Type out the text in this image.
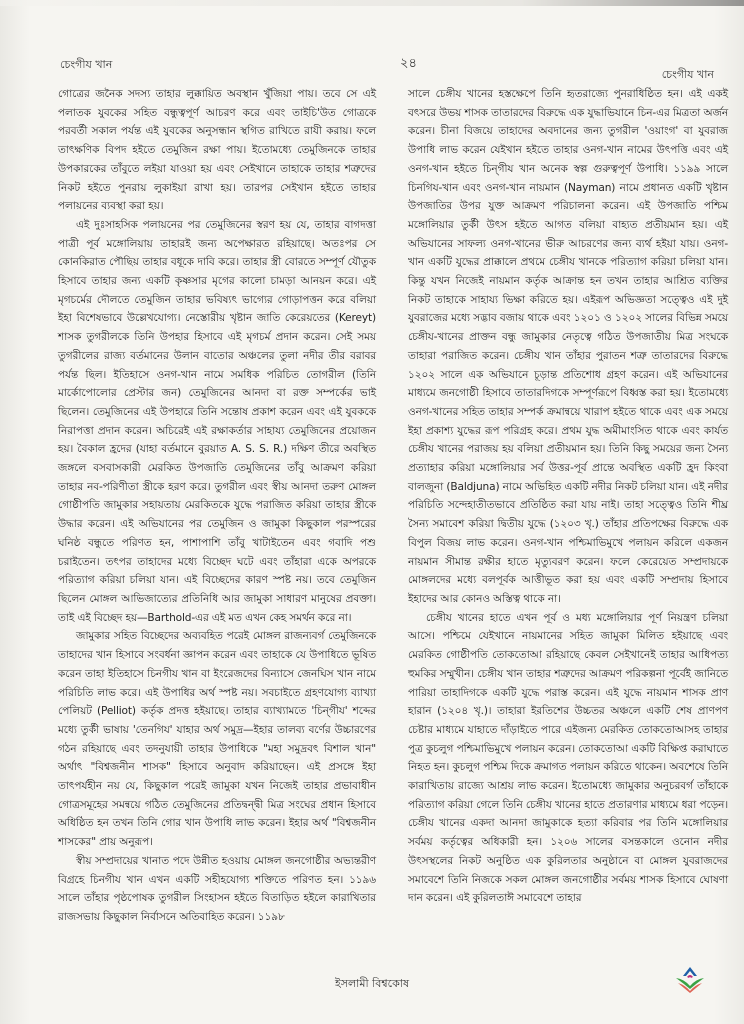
চেংগীয খান	২৪
চেংগীয খান

গোত্রের জনৈক সদস্য তাহার লুক্কায়িত অবস্থান খুঁজিয়া পায়। তবে সে এই পলাতক যুবকের সহিত বন্ধুত্বপূর্ণ আচরণ করে এবং তাইচি'উত গোত্রকে পরবর্তী সকাল পর্যন্ত এই যুবকের অনুসন্ধান স্থগিত রাখিতে রাযী করায়। ফলে তাৎক্ষণিক বিপদ হইতে তেমুজিন রক্ষা পায়। ইতোমধ্যে তেমুজিনকে তাহার উপকারকের তাঁবুতে লইয়া যাওয়া হয় এবং সেইখানে তাহাকে তাহার শত্রুদের নিকট হইতে পুনরায় লুকাইয়া রাখা হয়। তারপর সেইখান হইতে তাহার পলায়নের ব্যবস্থা করা হয়।

এই দুঃসাহসিক পলায়নের পর তেমুজিনের স্বরণ হয় যে, তাহার বাগদত্তা পাত্রী পূর্ব মঙ্গোলিয়ায় তাহারই জন্য অপেক্ষারত রহিয়াছে। অতঃপর সে কোনকিরাত পৌছিয় তাহার বধূকে দাবি করে। তাহার স্ত্রী বোরতে সম্পূর্ণ যৌতুক হিসাবে তাহার জন্য একটি কৃষ্ণসার মৃগের কালো চামড়া আনয়ন করে। এই মৃগচর্মের দৌলতে তেমুজিন তাহার ভবিষ্যৎ ভাগ্যের গোড়াপত্তন করে বলিয়া ইহা বিশেষভাবে উল্লেখযোগ্য। নেস্তোরীয় খৃষ্টান জাতি কেরেয়তের (Kereyt) শাসক তুগরীলকে তিনি উপহার হিসাবে এই মৃগচর্ম প্রদান করেন। সেই সময় তুগরীলের রাজ্য বর্তমানের উলান বাতোর অঞ্চলের তুলা নদীর তীর বরাবর পর্যন্ত ছিল। ইতিহাসে ওনগ-খান নামে সমধিক পরিচিত তোগরীল (তিনি মার্কোপোলোর প্রেস্টার জন) তেমুজিনের আনদা বা রক্ত সম্পর্কের ভাই ছিলেন। তেমুজিনের এই উপহারে তিনি সন্তোষ প্রকাশ করেন এবং এই যুবককে নিরাপত্তা প্রদান করেন। অচিরেই এই রক্ষাকর্তার সাহায্য তেমুজিনের প্রয়োজন হয়। বৈকাল হ্রদের (যাহা বর্তমানে বুরয়াত A. S. S. R.) দক্ষিণ তীরে অবস্থিত জঙ্গলে বসবাসকারী মেরকিত উপজাতি তেমুজিনের তাঁবু আক্রমণ করিয়া তাহার নব-পরিণীতা স্ত্রীকে হরণ করে। তুগরীল এবং স্বীয় আনদা তরুণ মোঙ্গল গোষ্ঠীপতি জামুকার সহায়তায় মেরকিতকে যুদ্ধে পরাজিত করিয়া তাহার স্ত্রীকে উদ্ধার করেন। এই অভিযানের পর তেমুজিন ও জামুকা কিছুকাল পরস্পরের ঘনিষ্ঠ বন্ধুতে পরিণত হন, পাশাপাশি তাঁবু খাটাইতেন এবং গবাদি পশু চরাইতেন। তৎপর তাহাদের মধ্যে বিচ্ছেদ ঘটে এবং তাঁহারা একে অপরকে পরিত্যাগ করিয়া চলিয়া যান। এই বিচ্ছেদের কারণ স্পষ্ট নয়। তবে তেমুজিন ছিলেন মোঙ্গল আভিজাত্যের প্রতিনিধি আর জামুকা সাধারণ মানুষের প্রবক্তা। তাই এই বিচ্ছেদ হয়—Barthold-এর এই মত এখন কেহ সমর্থন করে না।

জামুকার সহিত বিচ্ছেদের অব্যবহিত পরেই মোঙ্গল রাজন্যবর্গ তেমুজিনকে তাহাদের খান হিসাবে সংবর্ধনা জ্ঞাপন করেন এবং তাহাকে যে উপাধিতে ভূষিত করেন তাহা ইতিহাসে চিনগীয খান বা ইংরেজদের বিন্যাসে জেনঘিস খান নামে পরিচিতি লাভ করে। এই উপাধির অর্থ স্পষ্ট নয়। সবচাইতে গ্রহণযোগ্য ব্যাখ্যা পেলিয়ট (Pelliot) কর্তৃক প্রদত্ত হইয়াছে। তাহার ব্যাখ্যামতে 'চিন্গীয' শব্দের মধ্যে তুর্কী ভাষায় 'তেনগিয' যাহার অর্থ সমুদ্র—ইহার তালব্য বর্ণের উচ্চারণের গঠন রহিয়াছে এবং তদনুযায়ী তাহার উপাধিকে "মহা সমুদ্রবৎ বিশাল খান" অর্থাৎ "বিশ্বজনীন শাসক" হিসাবে অনুবাদ করিয়াছেন। এই প্রসঙ্গে ইহা তাৎপর্যহীন নয় যে, কিছুকাল পরেই জামুকা যখন নিজেই তাহার প্রভাবাধীন গোত্রসমূহের সমন্বয়ে গঠিত তেমুজিনের প্রতিদ্বন্দ্বী মিত্র সংঘের প্রধান হিসাবে অধিষ্ঠিত হন তখন তিনি গোর খান উপাধি লাভ করেন। ইহার অর্থ "বিশ্বজনীন শাসকের" প্রায় অনুরূপ।

স্বীয় সম্প্রদায়ের খানাত পদে উন্নীত হওয়ায় মোঙ্গল জনগোষ্ঠীর অভ্যন্তরীণ বিগ্রহে চিনগীয খান এখন একটি সহীহযোগ্য শক্তিতে পরিণত হন। ১১৯৬ সালে তাঁহার পৃষ্ঠপোষক তুগরীল সিংহাসন হইতে বিতাড়িত হইলে কারাখিতার রাজসভায় কিছুকাল নির্বাসনে অতিবাহিত করেন। ১১৯৮

সালে চেঙ্গীয খানের হস্তক্ষেপে তিনি হৃতরাজ্যে পুনরাধিষ্ঠিত হন। এই একই বৎসরে উভয় শাসক তাতারদের বিরুদ্ধে এক যুদ্ধাভিযানে চিন-এর মিত্রতা অর্জন করেন। চীনা বিজয়ে তাহাদের অবদানের জন্য তুগরীল 'ওয়াংগ' বা যুবরাজ উপাধি লাভ করেন যেইখান হইতে তাহার ওনগ-খান নামের উৎপত্তি এবং এই ওনগ-খান হইতে চিন্গীয খান অনেক স্বল্প গুরুত্বপূর্ণ উপাধি। ১১৯৯ সালে চিনগিয-খান এবং ওনগ-খান নায়মান (Nayman) নামে প্রধানত একটি খৃষ্টান উপজাতির উপর যুক্ত আক্রমণ পরিচালনা করেন। এই উপজাতি পশ্চিম মঙ্গোলিয়ার তুর্কী উৎস হইতে আগত বলিয়া বাহ্যত প্রতীয়মান হয়। এই অভিযানের সাফল্য ওনগ-খানের ভীরু আচরণের জন্য ব্যর্থ হইয়া যায়। ওনগ-খান একটি যুদ্ধের প্রাক্কালে প্রথমে চেঙ্গীয খানকে পরিত্যাগ করিয়া চলিয়া যান। কিন্তু যখন নিজেই নায়মান কর্তৃক আক্রান্ত হন তখন তাহার আশ্রিত ব্যক্তির নিকট তাহাকে সাহায্য ভিক্ষা করিতে হয়। এইরূপ অভিজ্ঞতা সত্ত্বেও এই দুই যুবরাজের মধ্যে সদ্ভাব বজায় থাকে এবং ১২০১ ও ১২০২ সালের বিভিন্ন সময়ে চেঙ্গীয-খানের প্রাক্তন বন্ধু জামুকার নেতৃত্বে গঠিত উপজাতীয় মিত্র সংঘকে তাহারা পরাজিত করেন। চেঙ্গীয খান তাঁহার পুরাতন শত্রু তাতারদের বিরুদ্ধে ১২০২ সালে এক অভিযানে চূড়ান্ত প্রতিশোধ গ্রহণ করেন। এই অভিযানের মাধ্যমে জনগোষ্ঠী হিসাবে তাতারদিগকে সম্পূর্ণরূপে বিধ্বস্ত করা হয়। ইতোমধ্যে ওনগ-খানের সহিত তাহার সম্পর্ক ক্রমান্বয়ে খারাপ হইতে থাকে এবং এক সময়ে ইহা প্রকাশ্য যুদ্ধের রূপ পরিগ্রহ করে। প্রথম যুদ্ধ অমীমাংসিত থাকে এবং কার্যত চেঙ্গীয খানের পরাজয় হয় বলিয়া প্রতীয়মান হয়। তিনি কিছু সময়ের জন্য সৈন্য প্রত্যাহার করিয়া মঙ্গোলিয়ার সর্ব উত্তর-পূর্ব প্রান্তে অবস্থিত একটি হ্রদ কিংবা বালজুনা (Baldjuna) নামে অভিহিত একটি নদীর নিকট চলিয়া যান। এই নদীর পরিচিতি সন্দেহাতীতভাবে প্রতিষ্ঠিত করা যায় নাই। তাহা সত্ত্বেও তিনি শীঘ্র সৈন্য সমাবেশ করিয়া দ্বিতীয় যুদ্ধে (১২০৩ খৃ.) তাঁহার প্রতিপক্ষের বিরুদ্ধে এক বিপুল বিজয় লাভ করেন। ওনগ-খান পশ্চিমাভিমুখে পলায়ন করিলে একজন নায়মান সীমান্ত রক্ষীর হাতে মৃত্যুবরণ করেন। ফলে কেরেয়েত সম্প্রদায়কে মোঙ্গলদের মধ্যে বলপূর্বক আত্তীভূত করা হয় এবং একটি সম্প্রদায় হিসাবে ইহাদের আর কোনও অস্তিত্ব থাকে না।

চেঙ্গীয খানের হাতে এখন পূর্ব ও মধ্য মঙ্গোলিয়ার পূর্ণ নিয়ন্ত্রণ চলিয়া আসে। পশ্চিমে যেইখানে নায়মানের সহিত জামুকা মিলিত হইয়াছে এবং মেরকিত গোষ্ঠীপতি তোকতোআ রহিয়াছে কেবল সেইখানেই তাহার আধিপত্য হুমকির সম্মুখীন। চেঙ্গীয খান তাহার শত্রুদের আক্রমণ পরিকল্পনা পূর্বেই জানিতে পারিয়া তাহাদিগকে একটি যুদ্ধে পরাস্ত করেন। এই যুদ্ধে নায়মান শাসক প্রাণ হারান (১২০৪ খৃ.)। তাহারা ইরতিশের উচ্চতর অঞ্চলে একটি শেষ প্রাণপণ চেষ্টার মাধ্যমে যাহাতে দাঁড়াইতে পারে এইজন্য মেরকিত তোকতোআসহ তাহার পুত্র কুচলুগ পশ্চিমাভিমুখে পলায়ন করেন। তোকতোআ একটি বিক্ষিপ্ত করাঘাতে নিহত হন। কুচলুগ পশ্চিম দিকে ক্রমাগত পলায়ন করিতে থাকেন। অবশেষে তিনি কারাখিতায় রাজ্যে আশ্রয় লাভ করেন। ইতোমধ্যে জামুকার অনুচরবর্গ তাঁহাকে পরিত্যাগ করিয়া গেলে তিনি চেঙ্গীয খানের হাতে প্রতারণার মাধ্যমে ধরা পড়েন। চেঙ্গীয খানের একদা আনদা জামুকাকে হত্যা করিবার পর তিনি মঙ্গোলিয়ার সর্বময় কর্তৃত্বের অধিকারী হন। ১২০৬ সালের বসন্তকালে ওনোন নদীর উৎসস্থলের নিকট অনুষ্ঠিত এক কুরিলতার অনুষ্ঠানে বা মোঙ্গল যুবরাজদের সমাবেশে তিনি নিজকে সকল মোঙ্গল জনগোষ্ঠীর সর্বময় শাসক হিসাবে ঘোষণা দান করেন। এই কুরিলতাঈ সমাবেশে তাহার

ইসলামী বিশ্বকোষ
